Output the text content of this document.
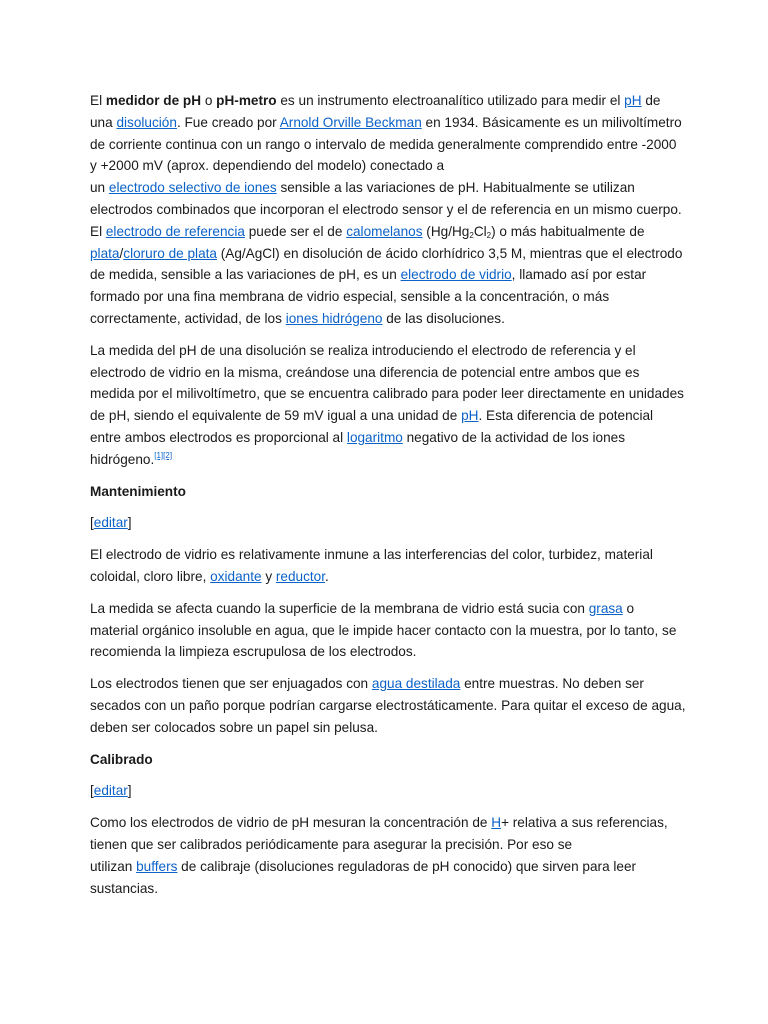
El medidor de pH o pH-metro es un instrumento electroanalítico utilizado para medir el pH de una disolución. Fue creado por Arnold Orville Beckman en 1934. Básicamente es un milivoltímetro de corriente continua con un rango o intervalo de medida generalmente comprendido entre -2000 y +2000 mV (aprox. dependiendo del modelo) conectado a
un electrodo selectivo de iones sensible a las variaciones de pH. Habitualmente se utilizan electrodos combinados que incorporan el electrodo sensor y el de referencia en un mismo cuerpo. El electrodo de referencia puede ser el de calomelanos $(Hg/Hg_2Cl_2)$ o más habitualmente de plata/cloruro de plata (Ag/AgCl) en disolución de ácido clorhídrico 3,5 M, mientras que el electrodo de medida, sensible a las variaciones de pH, es un electrodo de vidrio, llamado así por estar formado por una fina membrana de vidrio especial, sensible a la concentración, o más correctamente, actividad, de los iones hidrógeno de las disoluciones.

La medida del pH de una disolución se realiza introduciendo el electrodo de referencia y el electrodo de vidrio en la misma, creándose una diferencia de potencial entre ambos que es medida por el milivoltímetro, que se encuentra calibrado para poder leer directamente en unidades de pH, siendo el equivalente de 59 mV igual a una unidad de pH. Esta diferencia de potencial entre ambos electrodos es proporcional al logaritmo negativo de la actividad de los iones hidrógeno.[1][2]

Mantenimiento

[editar]

El electrodo de vidrio es relativamente inmune a las interferencias del color, turbidez, material coloidal, cloro libre, oxidante y reductor.

La medida se afecta cuando la superficie de la membrana de vidrio está sucia con grasa o material orgánico insoluble en agua, que le impide hacer contacto con la muestra, por lo tanto, se recomienda la limpieza escrupulosa de los electrodos.

Los electrodos tienen que ser enjuagados con agua destilada entre muestras. No deben ser secados con un paño porque podrían cargarse electrostáticamente. Para quitar el exceso de agua, deben ser colocados sobre un papel sin pelusa.

Calibrado

[editar]

Como los electrodos de vidrio de pH mesuran la concentración de H+ relativa a sus referencias, tienen que ser calibrados periódicamente para asegurar la precisión. Por eso se
utilizan buffers de calibraje (disoluciones reguladoras de pH conocido) que sirven para leer sustancias.
